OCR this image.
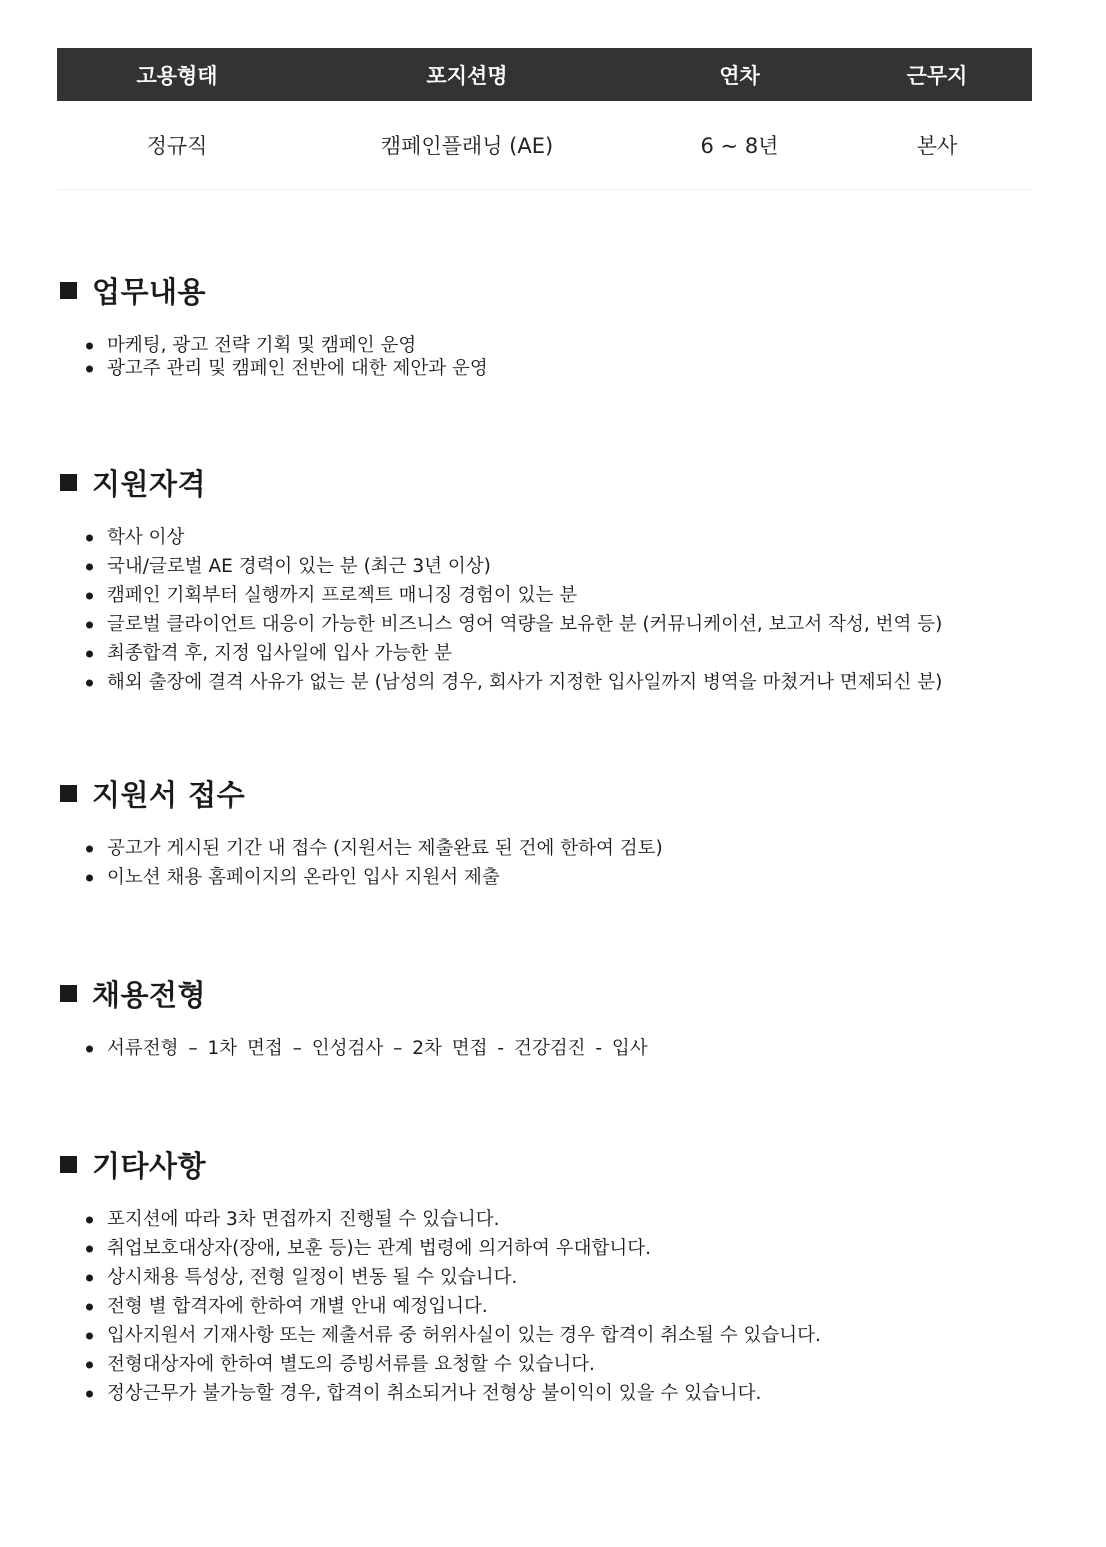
고용형태	포지션명	연차	근무지
정규직	캠페인플래닝 (AE)	6 ~ 8년	본사
업무내용
마케팅, 광고 전략 기획 및 캠페인 운영
광고주 관리 및 캠페인 전반에 대한 제안과 운영
지원자격
학사 이상
국내/글로벌 AE 경력이 있는 분 (최근 3년 이상)
캠페인 기획부터 실행까지 프로젝트 매니징 경험이 있는 분
글로벌 클라이언트 대응이 가능한 비즈니스 영어 역량을 보유한 분 (커뮤니케이션, 보고서 작성, 번역 등)
최종합격 후, 지정 입사일에 입사 가능한 분
해외 출장에 결격 사유가 없는 분 (남성의 경우, 회사가 지정한 입사일까지 병역을 마쳤거나 면제되신 분)
지원서 접수
공고가 게시된 기간 내 접수 (지원서는 제출완료 된 건에 한하여 검토)
이노션 채용 홈페이지의 온라인 입사 지원서 제출
채용전형
서류전형 – 1차 면접 – 인성검사 – 2차 면접 - 건강검진 - 입사
기타사항
포지션에 따라 3차 면접까지 진행될 수 있습니다.
취업보호대상자(장애, 보훈 등)는 관계 법령에 의거하여 우대합니다.
상시채용 특성상, 전형 일정이 변동 될 수 있습니다.
전형 별 합격자에 한하여 개별 안내 예정입니다.
입사지원서 기재사항 또는 제출서류 중 허위사실이 있는 경우 합격이 취소될 수 있습니다.
전형대상자에 한하여 별도의 증빙서류를 요청할 수 있습니다.
정상근무가 불가능할 경우, 합격이 취소되거나 전형상 불이익이 있을 수 있습니다.
